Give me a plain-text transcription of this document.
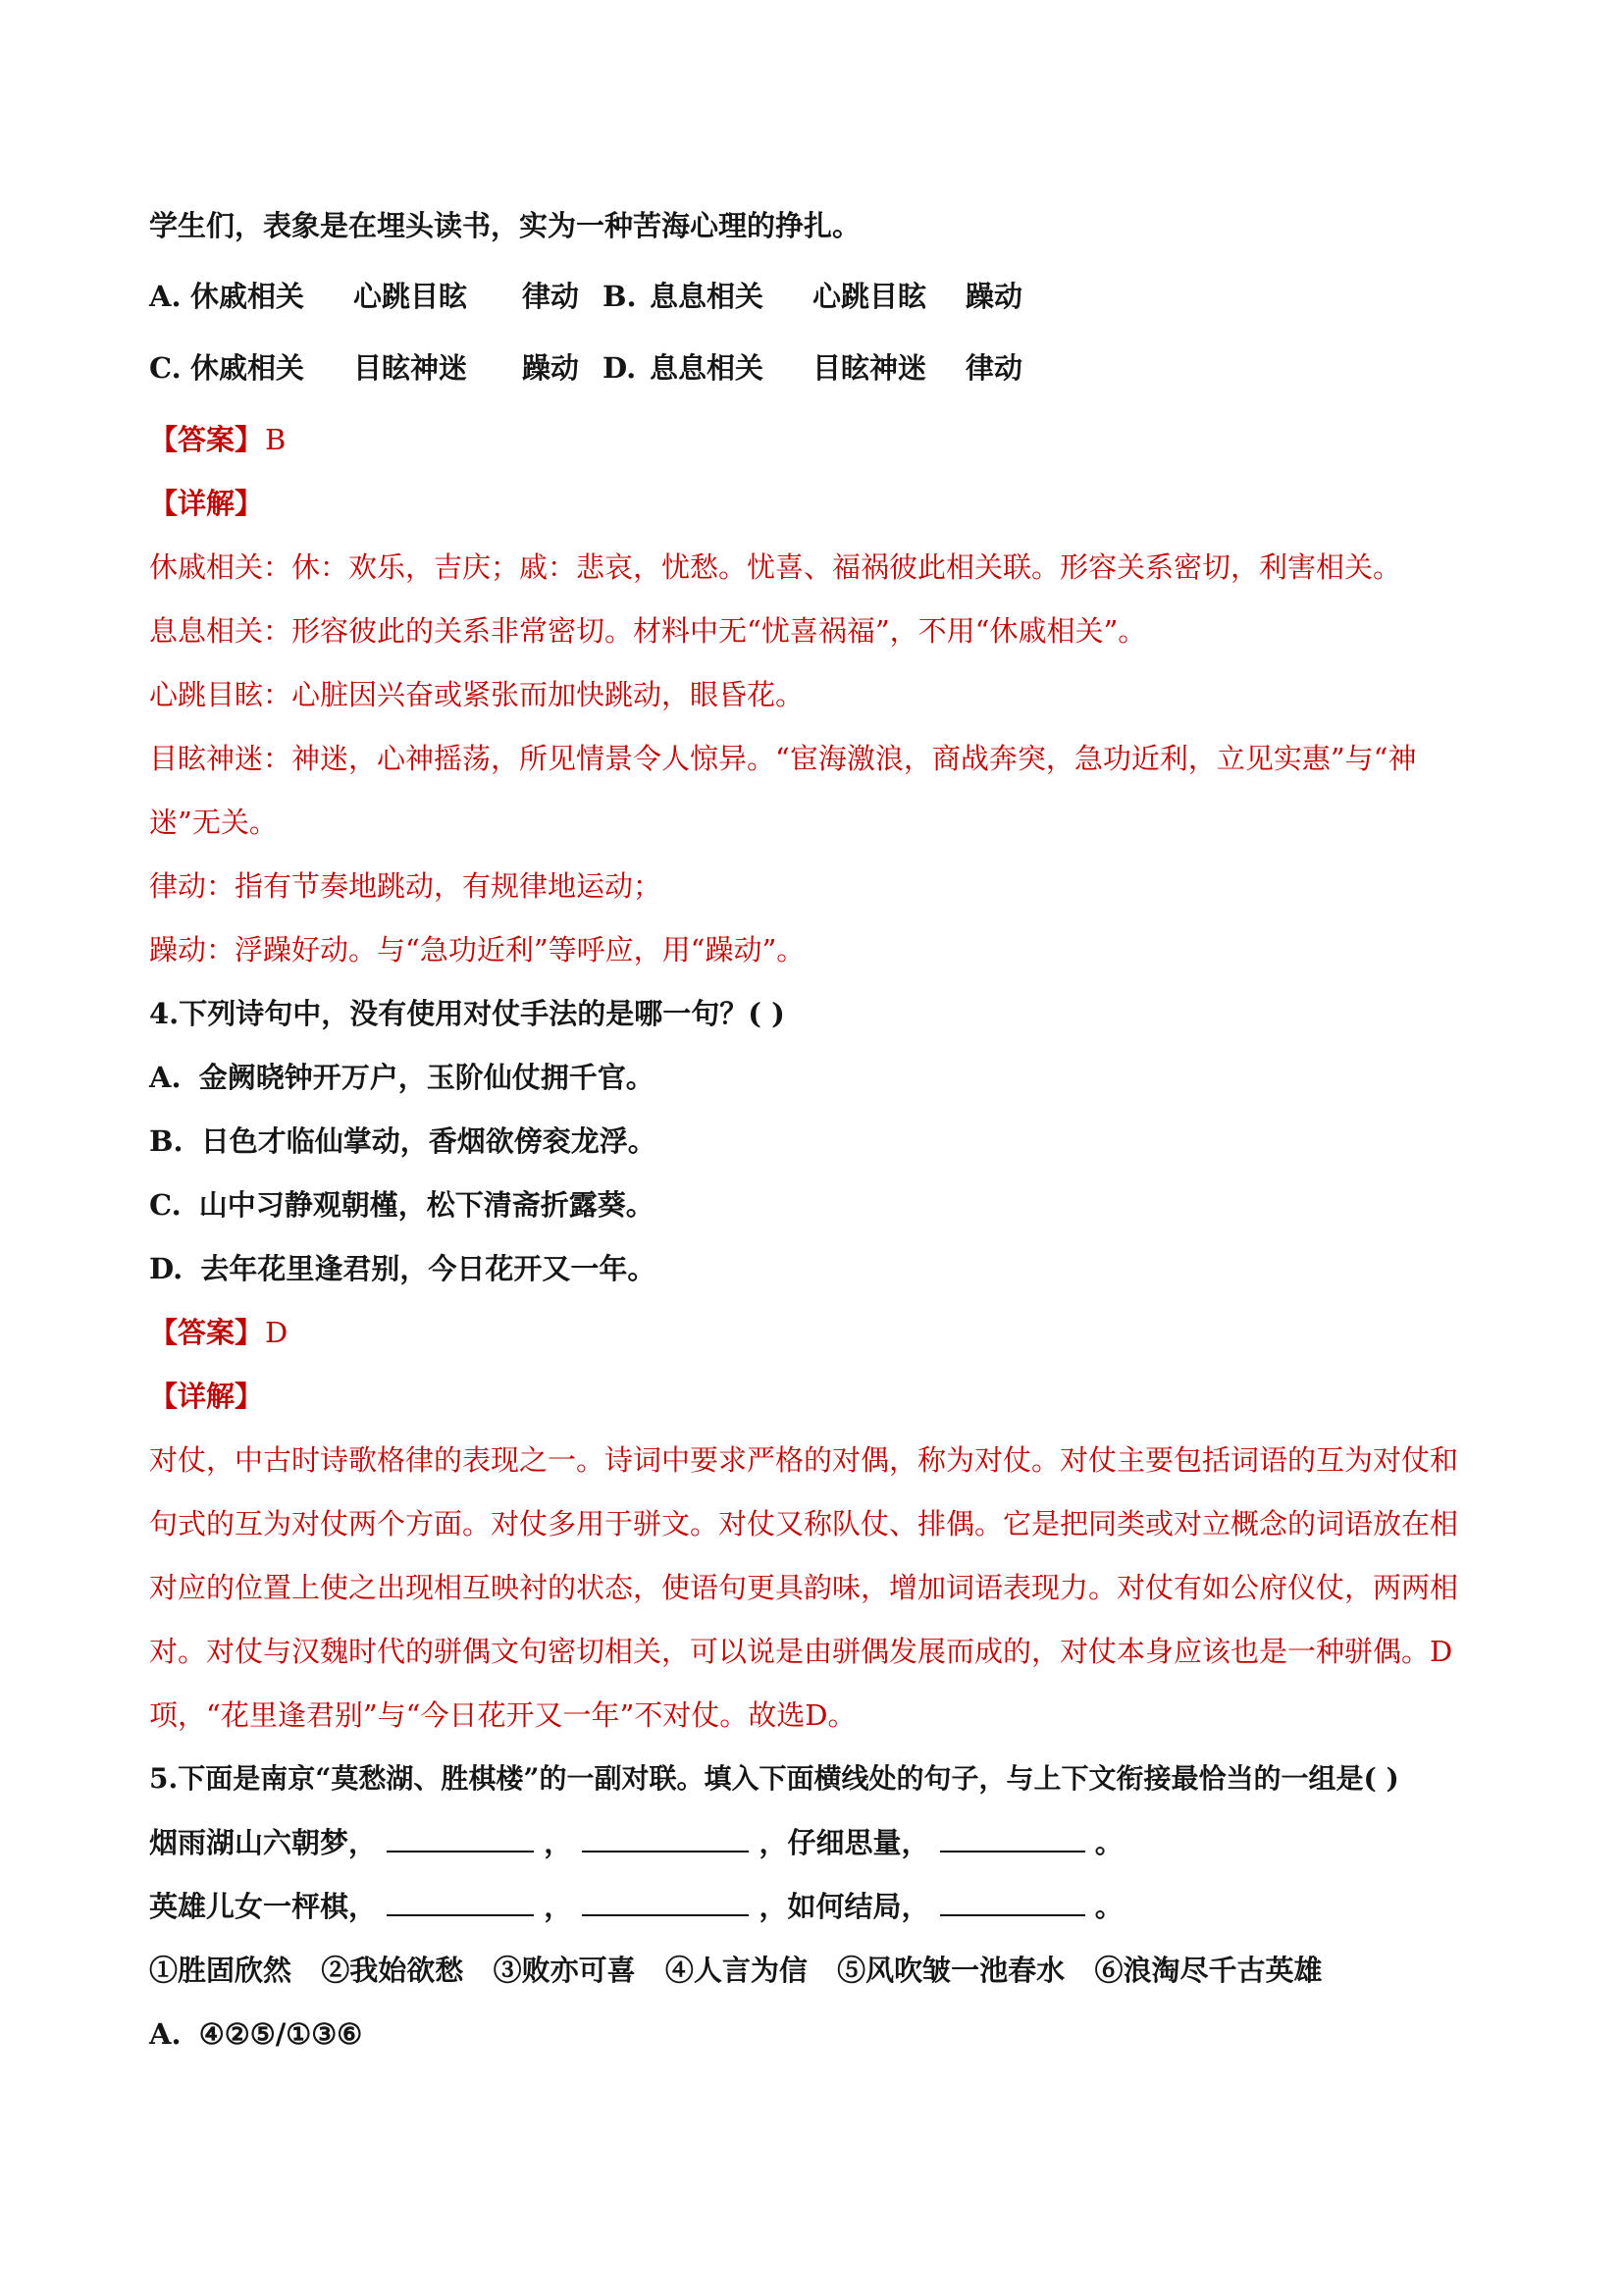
学生们，表象是在埋头读书，实为一种苦海心理的挣扎。
A. 休戚相关 心跳目眩 律动 B. 息息相关 心跳目眩 躁动
C. 休戚相关 目眩神迷 躁动 D. 息息相关 目眩神迷 律动
【答案】B
【详解】
休戚相关：休：欢乐，吉庆；戚：悲哀，忧愁。忧喜、福祸彼此相关联。形容关系密切，利害相关。
息息相关：形容彼此的关系非常密切。材料中无“忧喜祸福”，不用“休戚相关”。
心跳目眩：心脏因兴奋或紧张而加快跳动，眼昏花。
目眩神迷：神迷，心神摇荡，所见情景令人惊异。“宦海激浪，商战奔突，急功近利，立见实惠”与“神
迷”无关。
律动：指有节奏地跳动，有规律地运动；
躁动：浮躁好动。与“急功近利”等呼应，用“躁动”。
4.下列诗句中，没有使用对仗手法的是哪一句？( )
A. 金阙晓钟开万户，玉阶仙仗拥千官。
B. 日色才临仙掌动，香烟欲傍衮龙浮。
C. 山中习静观朝槿，松下清斋折露葵。
D. 去年花里逢君别，今日花开又一年。
【答案】D
【详解】
对仗，中古时诗歌格律的表现之一。诗词中要求严格的对偶，称为对仗。对仗主要包括词语的互为对仗和
句式的互为对仗两个方面。对仗多用于骈文。对仗又称队仗、排偶。它是把同类或对立概念的词语放在相
对应的位置上使之出现相互映衬的状态，使语句更具韵味，增加词语表现力。对仗有如公府仪仗，两两相
对。对仗与汉魏时代的骈偶文句密切相关，可以说是由骈偶发展而成的，对仗本身应该也是一种骈偶。D
项，“花里逢君别”与“今日花开又一年”不对仗。故选D。
5.下面是南京“莫愁湖、胜棋楼”的一副对联。填入下面横线处的句子，与上下文衔接最恰当的一组是( )
烟雨湖山六朝梦，	，	，仔细思量，	。
英雄儿女一枰棋，	，	，如何结局，	。
①胜固欣然   ②我始欲愁   ③败亦可喜   ④人言为信   ⑤风吹皱一池春水   ⑥浪淘尽千古英雄
A. ④②⑤/①③⑥
